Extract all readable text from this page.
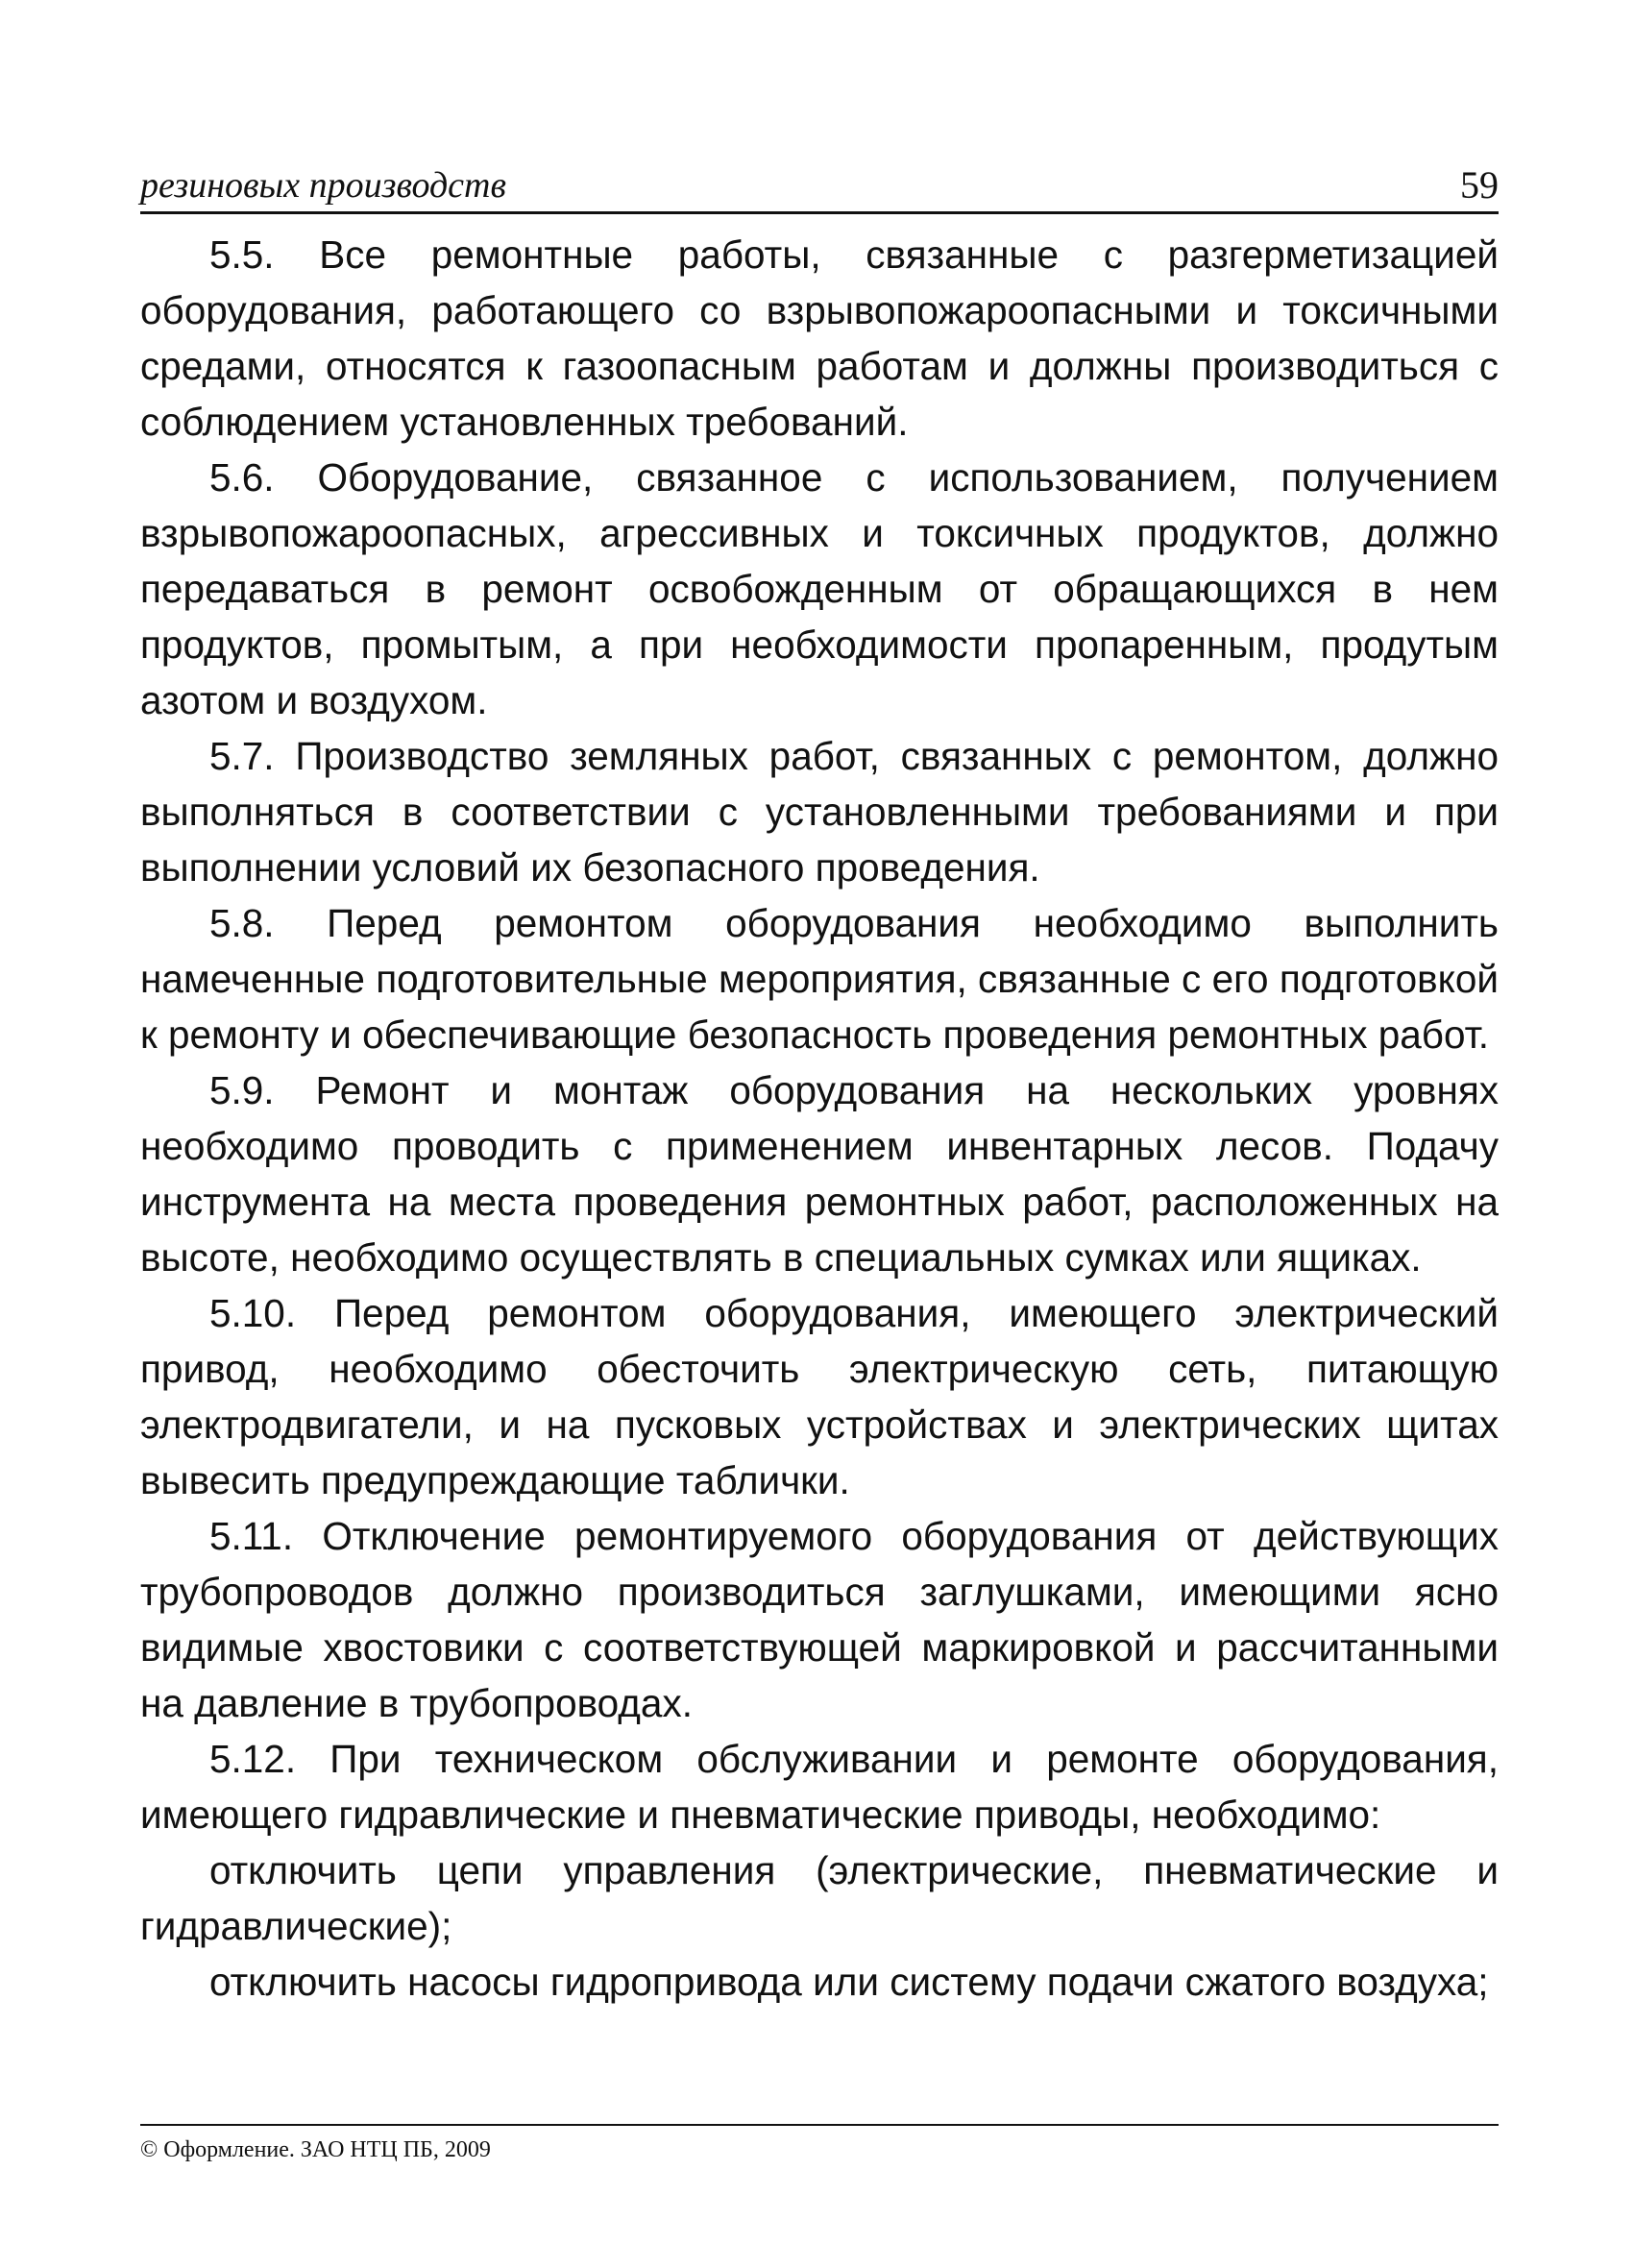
резиновых производств	59

5.5. Все ремонтные работы, связанные с разгерметизацией оборудования, работающего со взрывопожароопасными и токсичными средами, относятся к газоопасным работам и должны производиться с соблюдением установленных требований.

5.6. Оборудование, связанное с использованием, получением взрывопожароопасных, агрессивных и токсичных продуктов, должно передаваться в ремонт освобожденным от обращающихся в нем продуктов, промытым, а при необходимости пропаренным, продутым азотом и воздухом.

5.7. Производство земляных работ, связанных с ремонтом, должно выполняться в соответствии с установленными требованиями и при выполнении условий их безопасного проведения.

5.8. Перед ремонтом оборудования необходимо выполнить намеченные подготовительные мероприятия, связанные с его подготовкой к ремонту и обеспечивающие безопасность проведения ремонтных работ.

5.9. Ремонт и монтаж оборудования на нескольких уровнях необходимо проводить с применением инвентарных лесов. Подачу инструмента на места проведения ремонтных работ, расположенных на высоте, необходимо осуществлять в специальных сумках или ящиках.

5.10. Перед ремонтом оборудования, имеющего электрический привод, необходимо обесточить электрическую сеть, питающую электродвигатели, и на пусковых устройствах и электрических щитах вывесить предупреждающие таблички.

5.11. Отключение ремонтируемого оборудования от действующих трубопроводов должно производиться заглушками, имеющими ясно видимые хвостовики с соответствующей маркировкой и рассчитанными на давление в трубопроводах.

5.12. При техническом обслуживании и ремонте оборудования, имеющего гидравлические и пневматические приводы, необходимо:

отключить цепи управления (электрические, пневматические и гидравлические);

отключить насосы гидропривода или систему подачи сжатого воздуха;

© Оформление. ЗАО НТЦ ПБ, 2009
